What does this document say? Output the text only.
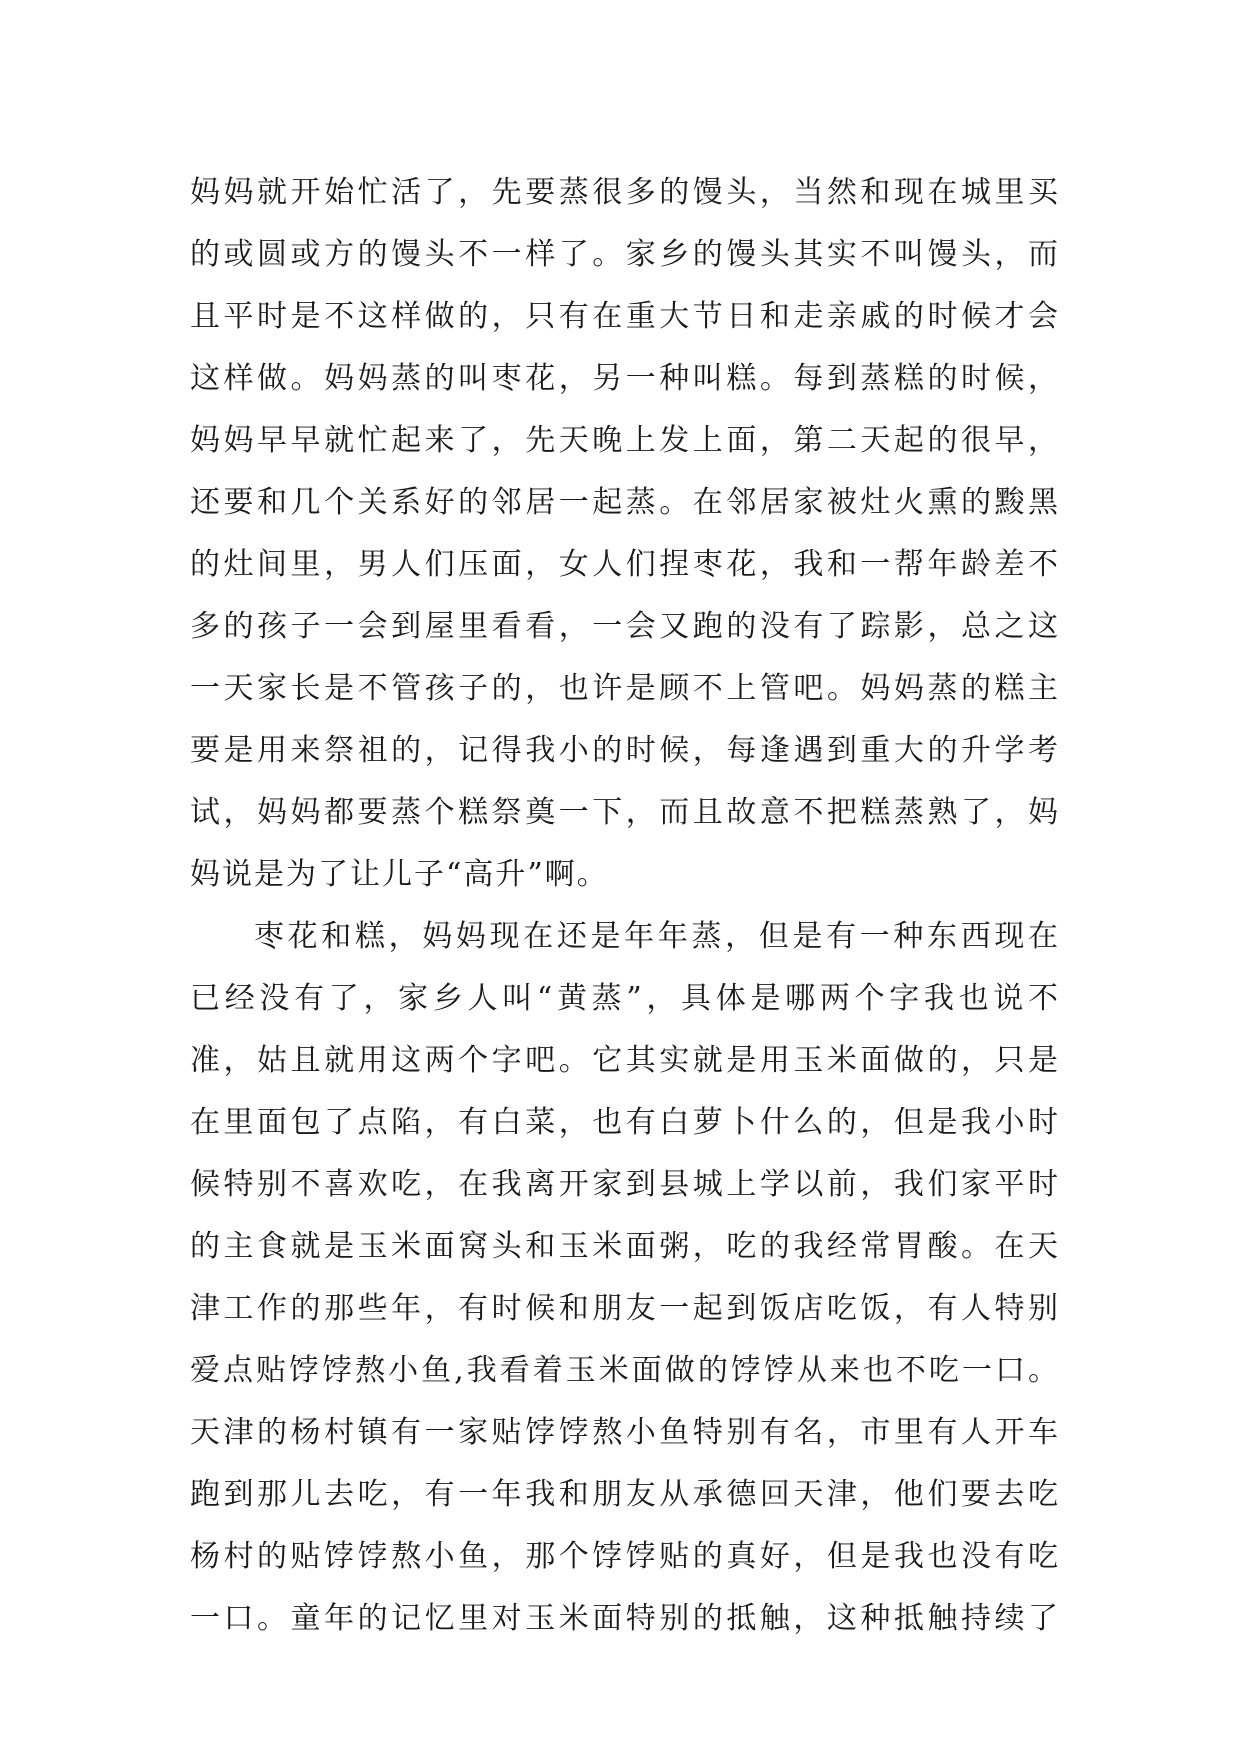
妈妈就开始忙活了，先要蒸很多的馒头，当然和现在城里买
的或圆或方的馒头不一样了。家乡的馒头其实不叫馒头，而
且平时是不这样做的，只有在重大节日和走亲戚的时候才会
这样做。妈妈蒸的叫枣花，另一种叫糕。每到蒸糕的时候，
妈妈早早就忙起来了，先天晚上发上面，第二天起的很早，
还要和几个关系好的邻居一起蒸。在邻居家被灶火熏的黢黑
的灶间里，男人们压面，女人们捏枣花，我和一帮年龄差不
多的孩子一会到屋里看看，一会又跑的没有了踪影，总之这
一天家长是不管孩子的，也许是顾不上管吧。妈妈蒸的糕主
要是用来祭祖的，记得我小的时候，每逢遇到重大的升学考
试，妈妈都要蒸个糕祭奠一下，而且故意不把糕蒸熟了，妈
妈说是为了让儿子“高升”啊。
枣花和糕，妈妈现在还是年年蒸，但是有一种东西现在
已经没有了，家乡人叫“黄蒸”，具体是哪两个字我也说不
准，姑且就用这两个字吧。它其实就是用玉米面做的，只是
在里面包了点陷，有白菜，也有白萝卜什么的，但是我小时
候特别不喜欢吃，在我离开家到县城上学以前，我们家平时
的主食就是玉米面窝头和玉米面粥，吃的我经常胃酸。在天
津工作的那些年，有时候和朋友一起到饭店吃饭，有人特别
爱点贴饽饽熬小鱼,我看着玉米面做的饽饽从来也不吃一口。
天津的杨村镇有一家贴饽饽熬小鱼特别有名，市里有人开车
跑到那儿去吃，有一年我和朋友从承德回天津，他们要去吃
杨村的贴饽饽熬小鱼，那个饽饽贴的真好，但是我也没有吃
一口。童年的记忆里对玉米面特别的抵触，这种抵触持续了
